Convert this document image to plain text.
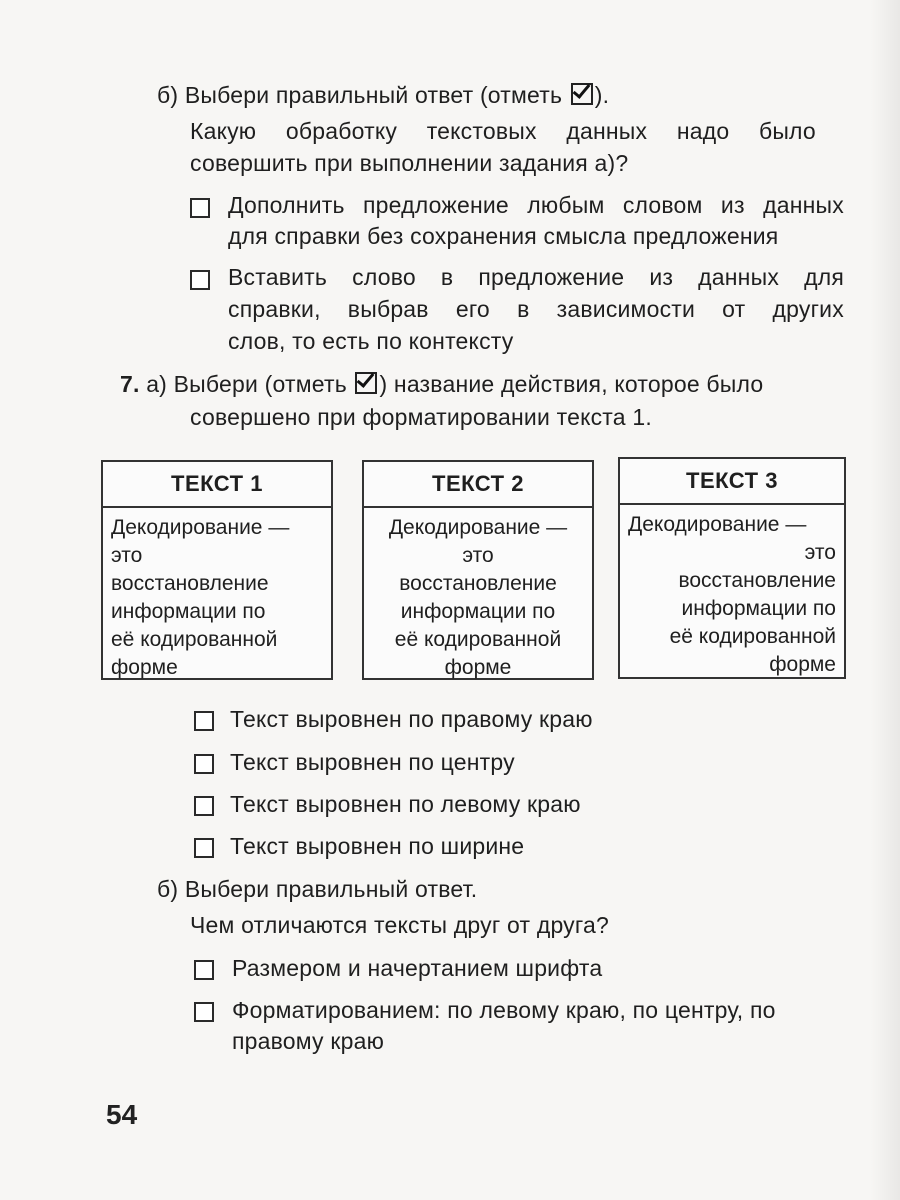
б) Выбери правильный ответ (отметь ).
Какую обработку текстовых данных надо было
совершить при выполнении задания а)?
Дополнить предложение любым словом из данных
для справки без сохранения смысла предложения
Вставить слово в предложение из данных для
справки, выбрав его в зависимости от других
слов, то есть по контексту
7. а) Выбери (отметь ) название действия, которое было
совершено при форматировании текста 1.
ТЕКСТ 1
Декодирование —
это
восстановление
информации по
её кодированной
форме
ТЕКСТ 2
Декодирование —
это
восстановление
информации по
её кодированной
форме
ТЕКСТ 3
Декодирование —
это
восстановление
информации по
её кодированной
форме
Текст выровнен по правому краю
Текст выровнен по центру
Текст выровнен по левому краю
Текст выровнен по ширине
б) Выбери правильный ответ.
Чем отличаются тексты друг от друга?
Размером и начертанием шрифта
Форматированием: по левому краю, по центру, по
правому краю
54
